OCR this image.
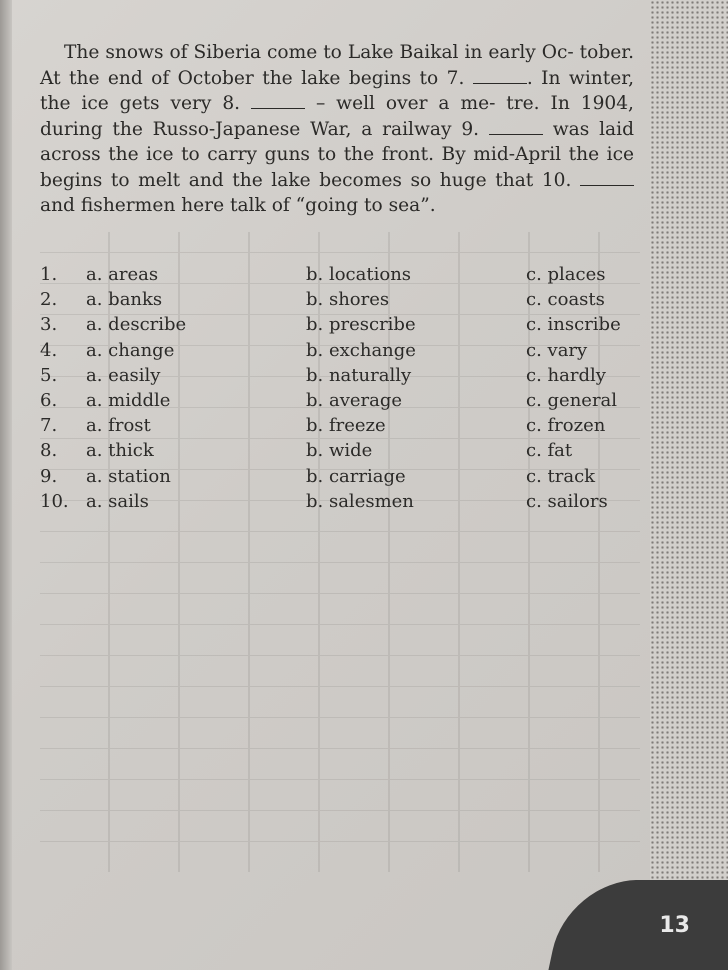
The snows of Siberia come to Lake Baikal in early Oc- tober. At the end of October the lake begins to 7.	. In winter, the ice gets very 8.	– well over a me- tre. In 1904, during the Russo-Japanese War, a railway 9.	was laid across the ice to carry guns to the front. By mid-April the ice begins to melt and the lake becomes so huge that 10.  and fishermen here talk of “going to sea”.

1. a. areas	b. locations	c. places
2. a. banks	b. shores	c. coasts
3. a. describe	b. prescribe	c. inscribe
4. a. change	b. exchange	c. vary
5. a. easily	b. naturally	c. hardly
6. a. middle	b. average	c. general
7. a. frost	b. freeze	c. frozen
8. a. thick	b. wide	c. fat
9. a. station	b. carriage	c. track
10. a. sails	b. salesmen	c. sailors
13
